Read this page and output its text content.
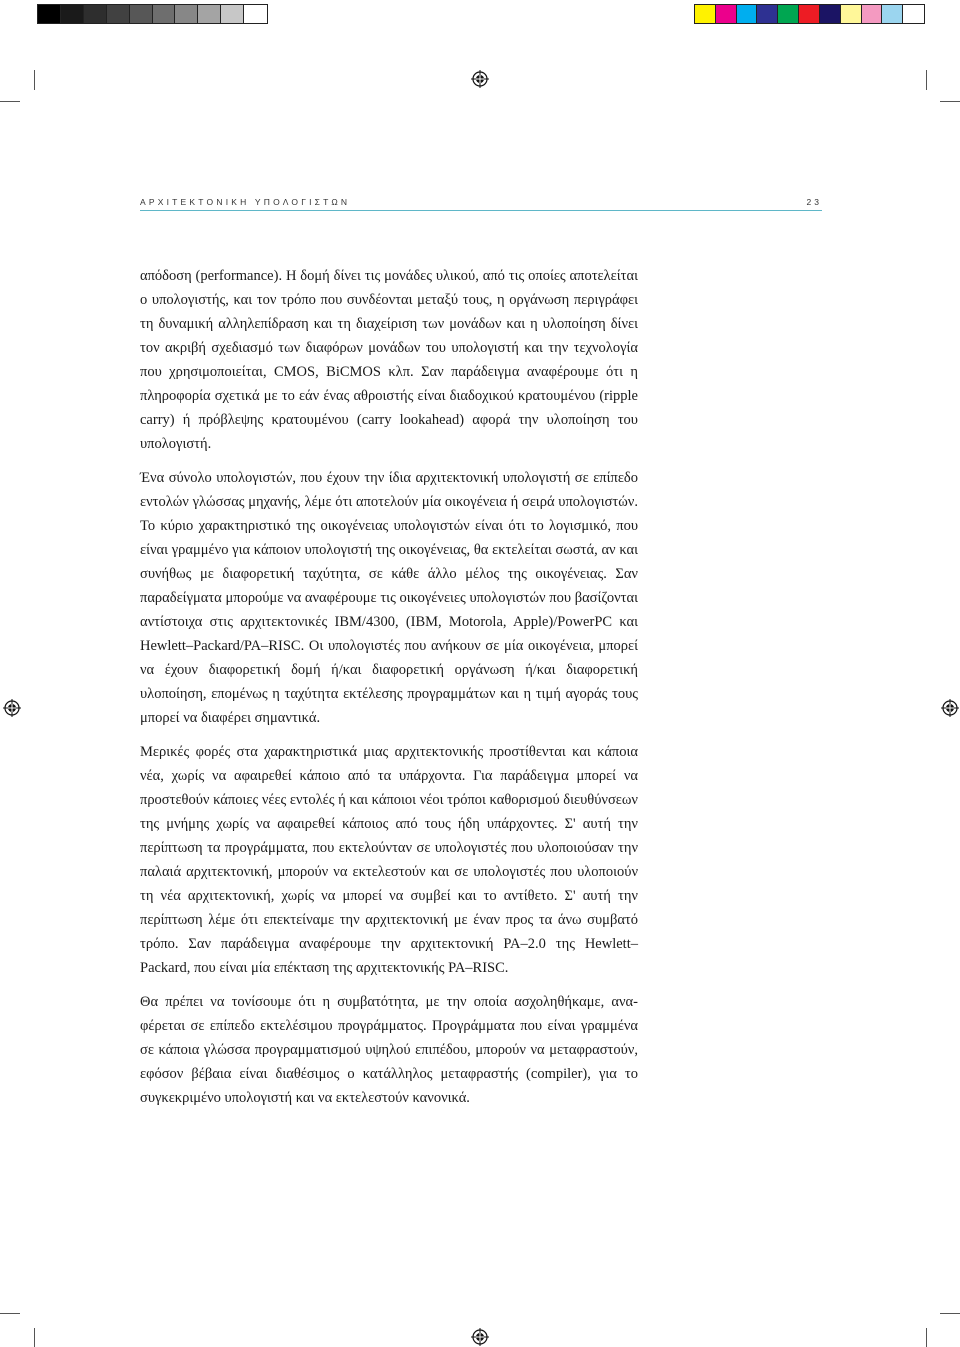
ΑΡΧΙΤΕΚΤΟΝΙΚΗ ΥΠΟΛΟΓΙΣΤΩΝ	23

απόδοση (performance). Η δομή δίνει τις μονάδες υλικού, από τις οποίες αποτελείται ο υπολογιστής, και τον τρόπο που συνδέονται μεταξύ τους, η οργάνωση περιγράφει τη δυναμική αλληλεπίδραση και τη διαχείριση των μονάδων και η υλοποίηση δίνει τον ακριβή σχεδιασμό των διαφόρων μονάδων του υπολογιστή και την τεχνολογία που χρησιμοποιείται, CMOS, BiCMOS κλπ. Σαν παράδειγμα αναφέρουμε ότι η πληροφορία σχετικά με το εάν ένας αθροιστής είναι διαδοχικού κρατουμένου (ripple carry) ή πρόβλεψης κρατουμένου (carry lookahead) αφορά την υλοποίηση του υπολογιστή.

Ένα σύνολο υπολογιστών, που έχουν την ίδια αρχιτεκτονική υπολογιστή σε επίπεδο εντολών γλώσσας μηχανής, λέμε ότι αποτελούν μία οικογένεια ή σειρά υπολογιστών. Το κύριο χαρακτηριστικό της οικογένειας υπολογιστών είναι ότι το λογισμικό, που είναι γραμμένο για κάποιον υπολογιστή της οικογένειας, θα εκτελείται σωστά, αν και συνήθως με διαφορετική ταχύτητα, σε κάθε άλλο μέλος της οικογένειας. Σαν παραδείγματα μπορούμε να αναφέρουμε τις οικογένειες υπολογιστών που βασίζονται αντίστοιχα στις αρχιτεκτονικές IBM/4300, (IBM, Motorola, Apple)/PowerPC και Hewlett–Packard/PA–RISC. Οι υπολογιστές που ανήκουν σε μία οικογένεια, μπορεί να έχουν διαφορετική δομή ή/και διαφορετική οργάνωση ή/και διαφορετική υλοποίηση, επομένως η ταχύτητα εκτέλεσης προγραμμάτων και η τιμή αγοράς τους μπορεί να διαφέρει σημαντικά.

Μερικές φορές στα χαρακτηριστικά μιας αρχιτεκτονικής προστίθενται και κάποια νέα, χωρίς να αφαιρεθεί κάποιο από τα υπάρχοντα. Για παράδειγμα μπορεί να προστεθούν κάποιες νέες εντολές ή και κάποιοι νέοι τρόποι καθορισμού διευθύνσεων της μνήμης χωρίς να αφαιρεθεί κάποιος από τους ήδη υπάρχοντες. Σ' αυτή την περίπτωση τα προγράμματα, που εκτελούνταν σε υπολογιστές που υλοποιούσαν την παλαιά αρχιτεκτονική, μπορούν να εκτελεστούν και σε υπολογιστές που υλοποιούν τη νέα αρχιτεκτονική, χωρίς να μπορεί να συμβεί και το αντίθετο. Σ' αυτή την περίπτωση λέμε ότι επεκτείναμε την αρχιτεκτονική με έναν προς τα άνω συμβατό τρόπο. Σαν παράδειγμα αναφέρουμε την αρχιτεκτονική PA–2.0 της Hewlett–Packard, που είναι μία επέκταση της αρχιτεκτονικής PA–RISC.

Θα πρέπει να τονίσουμε ότι η συμβατότητα, με την οποία ασχοληθήκαμε, αναφέρεται σε επίπεδο εκτελέσιμου προγράμματος. Προγράμματα που είναι γραμμένα σε κάποια γλώσσα προγραμματισμού υψηλού επιπέδου, μπορούν να μεταφραστούν, εφόσον βέβαια είναι διαθέσιμος ο κατάλληλος μεταφραστής (compiler), για το συγκεκριμένο υπολογιστή και να εκτελεστούν κανονικά.
